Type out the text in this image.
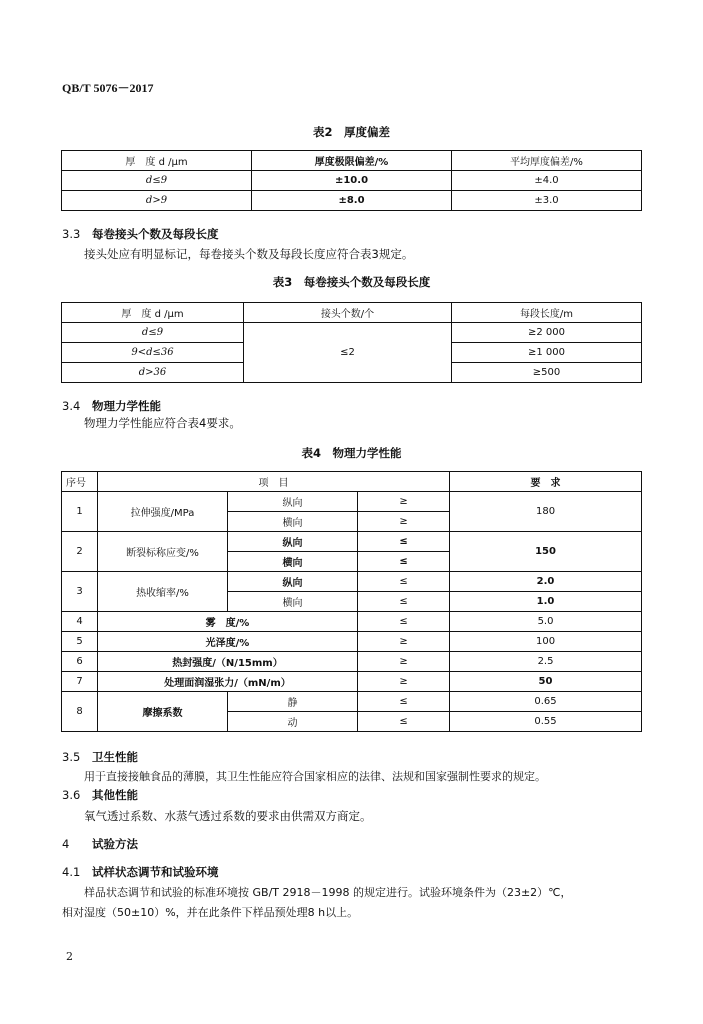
QB/T 5076－2017
表2　厚度偏差
厚　度 d /μm	厚度极限偏差/%	平均厚度偏差/%
d≤9	±10.0	±4.0
d>9	±8.0	±3.0
3.3 每卷接头个数及每段长度
接头处应有明显标记，每卷接头个数及每段长度应符合表3规定。
表3　每卷接头个数及每段长度
厚　度 d /μm	接头个数/个	每段长度/m
d≤9	≤2	≥2 000
9<d≤36		≥1 000
d>36		≥500
3.4 物理力学性能
物理力学性能应符合表4要求。
表4　物理力学性能
序号	项　目			要　求
1	拉伸强度/MPa	纵向	≥	180
		横向	≥	
2	断裂标称应变/%	纵向	≤	150
		横向	≤	
3	热收缩率/%	纵向	≤	2.0
		横向	≤	1.0
4	雾　度/%		≤	5.0
5	光泽度/%		≥	100
6	热封强度/（N/15mm）		≥	2.5
7	处理面润湿张力/（mN/m）		≥	50
8	摩擦系数	静	≤	0.65
		动	≤	0.55
3.5 卫生性能
用于直接接触食品的薄膜，其卫生性能应符合国家相应的法律、法规和国家强制性要求的规定。
3.6 其他性能
氧气透过系数、水蒸气透过系数的要求由供需双方商定。
4 试验方法
4.1 试样状态调节和试验环境
样品状态调节和试验的标准环境按 GB/T 2918－1998 的规定进行。试验环境条件为（23±2）℃，
相对湿度（50±10）%，并在此条件下样品预处理8 h以上。
2
